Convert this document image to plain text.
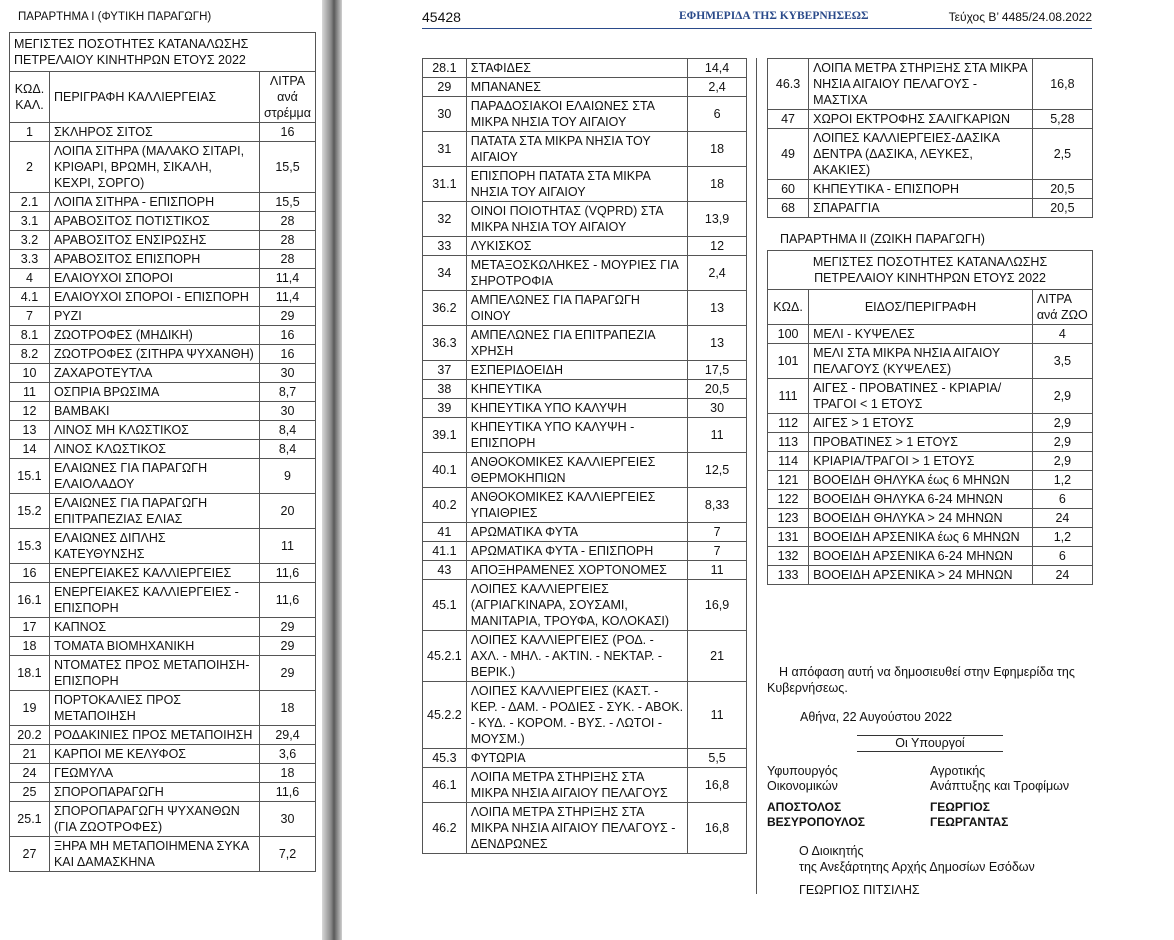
ΠΑΡΑΡΤΗΜΑ Ι (ΦΥΤΙΚΗ ΠΑΡΑΓΩΓΗ)
ΜΕΓΙΣΤΕΣ ΠΟΣΟΤΗΤΕΣ ΚΑΤΑΝΑΛΩΣΗΣ ΠΕΤΡΕΛΑΙΟΥ ΚΙΝΗΤΗΡΩΝ ΕΤΟΥΣ 2022		
ΚΩΔ. ΚΑΛ.	ΠΕΡΙΓΡΑΦΗ ΚΑΛΛΙΕΡΓΕΙΑΣ	ΛΙΤΡΑ ανά στρέμμα
1	ΣΚΛΗΡΟΣ ΣΙΤΟΣ	16
2	ΛΟΙΠΑ ΣΙΤΗΡΑ (ΜΑΛΑΚΟ ΣΙΤΑΡΙ, ΚΡΙΘΑΡΙ, ΒΡΩΜΗ, ΣΙΚΑΛΗ, ΚΕΧΡΙ, ΣΟΡΓΟ)	15,5
2.1	ΛΟΙΠΑ ΣΙΤΗΡΑ - ΕΠΙΣΠΟΡΗ	15,5
3.1	ΑΡΑΒΟΣΙΤΟΣ ΠΟΤΙΣΤΙΚΟΣ	28
3.2	ΑΡΑΒΟΣΙΤΟΣ ΕΝΣΙΡΩΣΗΣ	28
3.3	ΑΡΑΒΟΣΙΤΟΣ ΕΠΙΣΠΟΡΗ	28
4	ΕΛΑΙΟΥΧΟΙ ΣΠΟΡΟΙ	11,4
4.1	ΕΛΑΙΟΥΧΟΙ ΣΠΟΡΟΙ - ΕΠΙΣΠΟΡΗ	11,4
7	ΡΥΖΙ	29
8.1	ΖΩΟΤΡΟΦΕΣ (ΜΗΔΙΚΗ)	16
8.2	ΖΩΟΤΡΟΦΕΣ (ΣΙΤΗΡΑ ΨΥΧΑΝΘΗ)	16
10	ΖΑΧΑΡΟΤΕΥΤΛΑ	30
11	ΟΣΠΡΙΑ ΒΡΩΣΙΜΑ	8,7
12	ΒΑΜΒΑΚΙ	30
13	ΛΙΝΟΣ ΜΗ ΚΛΩΣΤΙΚΟΣ	8,4
14	ΛΙΝΟΣ ΚΛΩΣΤΙΚΟΣ	8,4
15.1	ΕΛΑΙΩΝΕΣ ΓΙΑ ΠΑΡΑΓΩΓΗ ΕΛΑΙΟΛΑΔΟΥ	9
15.2	ΕΛΑΙΩΝΕΣ ΓΙΑ ΠΑΡΑΓΩΓΗ ΕΠΙΤΡΑΠΕΖΙΑΣ ΕΛΙΑΣ	20
15.3	ΕΛΑΙΩΝΕΣ ΔΙΠΛΗΣ ΚΑΤΕΥΘΥΝΣΗΣ	11
16	ΕΝΕΡΓΕΙΑΚΕΣ ΚΑΛΛΙΕΡΓΕΙΕΣ	11,6
16.1	ΕΝΕΡΓΕΙΑΚΕΣ ΚΑΛΛΙΕΡΓΕΙΕΣ - ΕΠΙΣΠΟΡΗ	11,6
17	ΚΑΠΝΟΣ	29
18	ΤΟΜΑΤΑ ΒΙΟΜΗΧΑΝΙΚΗ	29
18.1	ΝΤΟΜΑΤΕΣ ΠΡΟΣ ΜΕΤΑΠΟΙΗΣΗ- ΕΠΙΣΠΟΡΗ	29
19	ΠΟΡΤΟΚΑΛΙΕΣ ΠΡΟΣ ΜΕΤΑΠΟΙΗΣΗ	18
20.2	ΡΟΔΑΚΙΝΙΕΣ ΠΡΟΣ ΜΕΤΑΠΟΙΗΣΗ	29,4
21	ΚΑΡΠΟΙ ΜΕ ΚΕΛΥΦΟΣ	3,6
24	ΓΕΩΜΥΛΑ	18
25	ΣΠΟΡΟΠΑΡΑΓΩΓΗ	11,6
25.1	ΣΠΟΡΟΠΑΡΑΓΩΓΗ ΨΥΧΑΝΘΩΝ (ΓΙΑ ΖΩΟΤΡΟΦΕΣ)	30
27	ΞΗΡΑ ΜΗ ΜΕΤΑΠΟΙΗΜΕΝΑ ΣΥΚΑ ΚΑΙ ΔΑΜΑΣΚΗΝΑ	7,2
45428	ΕΦΗΜΕΡΙΔΑ ΤΗΣ ΚΥΒΕΡΝΗΣΕΩΣ	Τεύχος Β’ 4485/24.08.2022
28.1	ΣΤΑΦΙΔΕΣ	14,4
29	ΜΠΑΝΑΝΕΣ	2,4
30	ΠΑΡΑΔΟΣΙΑΚΟΙ ΕΛΑΙΩΝΕΣ ΣΤΑ ΜΙΚΡΑ ΝΗΣΙΑ ΤΟΥ ΑΙΓΑΙΟΥ	6
31	ΠΑΤΑΤΑ ΣΤΑ ΜΙΚΡΑ ΝΗΣΙΑ ΤΟΥ ΑΙΓΑΙΟΥ	18
31.1	ΕΠΙΣΠΟΡΗ ΠΑΤΑΤΑ ΣΤΑ ΜΙΚΡΑ ΝΗΣΙΑ ΤΟΥ ΑΙΓΑΙΟΥ	18
32	ΟΙΝΟΙ ΠΟΙΟΤΗΤΑΣ (VQPRD) ΣΤΑ ΜΙΚΡΑ ΝΗΣΙΑ ΤΟΥ ΑΙΓΑΙΟΥ	13,9
33	ΛΥΚΙΣΚΟΣ	12
34	ΜΕΤΑΞΟΣΚΩΛΗΚΕΣ - ΜΟΥΡΙΕΣ ΓΙΑ ΣΗΡΟΤΡΟΦΙΑ	2,4
36.2	ΑΜΠΕΛΩΝΕΣ ΓΙΑ ΠΑΡΑΓΩΓΗ ΟΙΝΟΥ	13
36.3	ΑΜΠΕΛΩΝΕΣ ΓΙΑ ΕΠΙΤΡΑΠΕΖΙΑ ΧΡΗΣΗ	13
37	ΕΣΠΕΡΙΔΟΕΙΔΗ	17,5
38	ΚΗΠΕΥΤΙΚΑ	20,5
39	ΚΗΠΕΥΤΙΚΑ ΥΠΟ ΚΑΛΥΨΗ	30
39.1	ΚΗΠΕΥΤΙΚΑ ΥΠΟ ΚΑΛΥΨΗ - ΕΠΙΣΠΟΡΗ	11
40.1	ΑΝΘΟΚΟΜΙΚΕΣ ΚΑΛΛΙΕΡΓΕΙΕΣ ΘΕΡΜΟΚΗΠΙΩΝ	12,5
40.2	ΑΝΘΟΚΟΜΙΚΕΣ ΚΑΛΛΙΕΡΓΕΙΕΣ ΥΠΑΙΘΡΙΕΣ	8,33
41	ΑΡΩΜΑΤΙΚΑ ΦΥΤΑ	7
41.1	ΑΡΩΜΑΤΙΚΑ ΦΥΤΑ - ΕΠΙΣΠΟΡΗ	7
43	ΑΠΟΞΗΡΑΜΕΝΕΣ ΧΟΡΤΟΝΟΜΕΣ	11
45.1	ΛΟΙΠΕΣ ΚΑΛΛΙΕΡΓΕΙΕΣ (ΑΓΡΙΑΓΚΙΝΑΡΑ, ΣΟΥΣΑΜΙ, ΜΑΝΙΤΑΡΙΑ, ΤΡΟΥΦΑ, ΚΟΛΟΚΑΣΙ)	16,9
45.2.1	ΛΟΙΠΕΣ ΚΑΛΛΙΕΡΓΕΙΕΣ (ΡΟΔ. - ΑΧΛ. - ΜΗΛ. - ΑΚΤΙΝ. - ΝΕΚΤΑΡ. - ΒΕΡΙΚ.)	21
45.2.2	ΛΟΙΠΕΣ ΚΑΛΛΙΕΡΓΕΙΕΣ (ΚΑΣΤ. - ΚΕΡ. - ΔΑΜ. - ΡΟΔΙΕΣ - ΣΥΚ. - ΑΒΟΚ. - ΚΥΔ. - ΚΟΡΟΜ. - ΒΥΣ. - ΛΩΤΟΙ - ΜΟΥΣΜ.)	11
45.3	ΦΥΤΩΡΙΑ	5,5
46.1	ΛΟΙΠΑ ΜΕΤΡΑ ΣΤΗΡΙΞΗΣ ΣΤΑ ΜΙΚΡΑ ΝΗΣΙΑ ΑΙΓΑΙΟΥ ΠΕΛΑΓΟΥΣ	16,8
46.2	ΛΟΙΠΑ ΜΕΤΡΑ ΣΤΗΡΙΞΗΣ ΣΤΑ ΜΙΚΡΑ ΝΗΣΙΑ ΑΙΓΑΙΟΥ ΠΕΛΑΓΟΥΣ - ΔΕΝΔΡΩΝΕΣ	16,8
46.3	ΛΟΙΠΑ ΜΕΤΡΑ ΣΤΗΡΙΞΗΣ ΣΤΑ ΜΙΚΡΑ ΝΗΣΙΑ ΑΙΓΑΙΟΥ ΠΕΛΑΓΟΥΣ - ΜΑΣΤΙΧΑ	16,8
47	ΧΩΡΟΙ ΕΚΤΡΟΦΗΣ ΣΑΛΙΓΚΑΡΙΩΝ	5,28
49	ΛΟΙΠΕΣ ΚΑΛΛΙΕΡΓΕΙΕΣ-ΔΑΣΙΚΑ ΔΕΝΤΡΑ (ΔΑΣΙΚΑ, ΛΕΥΚΕΣ, ΑΚΑΚΙΕΣ)	2,5
60	ΚΗΠΕΥΤΙΚΑ - ΕΠΙΣΠΟΡΗ	20,5
68	ΣΠΑΡΑΓΓΙΑ	20,5
ΠΑΡΑΡΤΗΜΑ ΙΙ (ΖΩΙΚΗ ΠΑΡΑΓΩΓΗ)
ΜΕΓΙΣΤΕΣ ΠΟΣΟΤΗΤΕΣ ΚΑΤΑΝΑΛΩΣΗΣ ΠΕΤΡΕΛΑΙΟΥ ΚΙΝΗΤΗΡΩΝ ΕΤΟΥΣ 2022		
ΚΩΔ.	ΕΙΔΟΣ/ΠΕΡΙΓΡΑΦΗ	ΛΙΤΡΑ ανά ΖΩΟ
100	ΜΕΛΙ - ΚΥΨΕΛΕΣ	4
101	ΜΕΛΙ ΣΤΑ ΜΙΚΡΑ ΝΗΣΙΑ ΑΙΓΑΙΟΥ ΠΕΛΑΓΟΥΣ (ΚΥΨΕΛΕΣ)	3,5
111	ΑΙΓΕΣ - ΠΡΟΒΑΤΙΝΕΣ - ΚΡΙΑΡΙΑ/ ΤΡΑΓΟΙ < 1 ΕΤΟΥΣ	2,9
112	ΑΙΓΕΣ > 1 ΕΤΟΥΣ	2,9
113	ΠΡΟΒΑΤΙΝΕΣ > 1 ΕΤΟΥΣ	2,9
114	ΚΡΙΑΡΙΑ/ΤΡΑΓΟΙ > 1 ΕΤΟΥΣ	2,9
121	ΒΟΟΕΙΔΗ ΘΗΛΥΚΑ έως 6 ΜΗΝΩΝ	1,2
122	ΒΟΟΕΙΔΗ ΘΗΛΥΚΑ 6-24 ΜΗΝΩΝ	6
123	ΒΟΟΕΙΔΗ ΘΗΛΥΚΑ > 24 ΜΗΝΩΝ	24
131	ΒΟΟΕΙΔΗ ΑΡΣΕΝΙΚΑ έως 6 ΜΗΝΩΝ	1,2
132	ΒΟΟΕΙΔΗ ΑΡΣΕΝΙΚΑ 6-24 ΜΗΝΩΝ	6
133	ΒΟΟΕΙΔΗ ΑΡΣΕΝΙΚΑ > 24 ΜΗΝΩΝ	24
Η απόφαση αυτή να δημοσιευθεί στην Εφημερίδα της Κυβερνήσεως.
Αθήνα, 22 Αυγούστου 2022
Οι Υπουργοί
Υφυπουργός
Οικονομικών
ΑΠΟΣΤΟΛΟΣ
ΒΕΣΥΡΟΠΟΥΛΟΣ
Αγροτικής
Ανάπτυξης και Τροφίμων
ΓΕΩΡΓΙΟΣ
ΓΕΩΡΓΑΝΤΑΣ
Ο Διοικητής
της Ανεξάρτητης Αρχής Δημοσίων Εσόδων
ΓΕΩΡΓΙΟΣ ΠΙΤΣΙΛΗΣ
